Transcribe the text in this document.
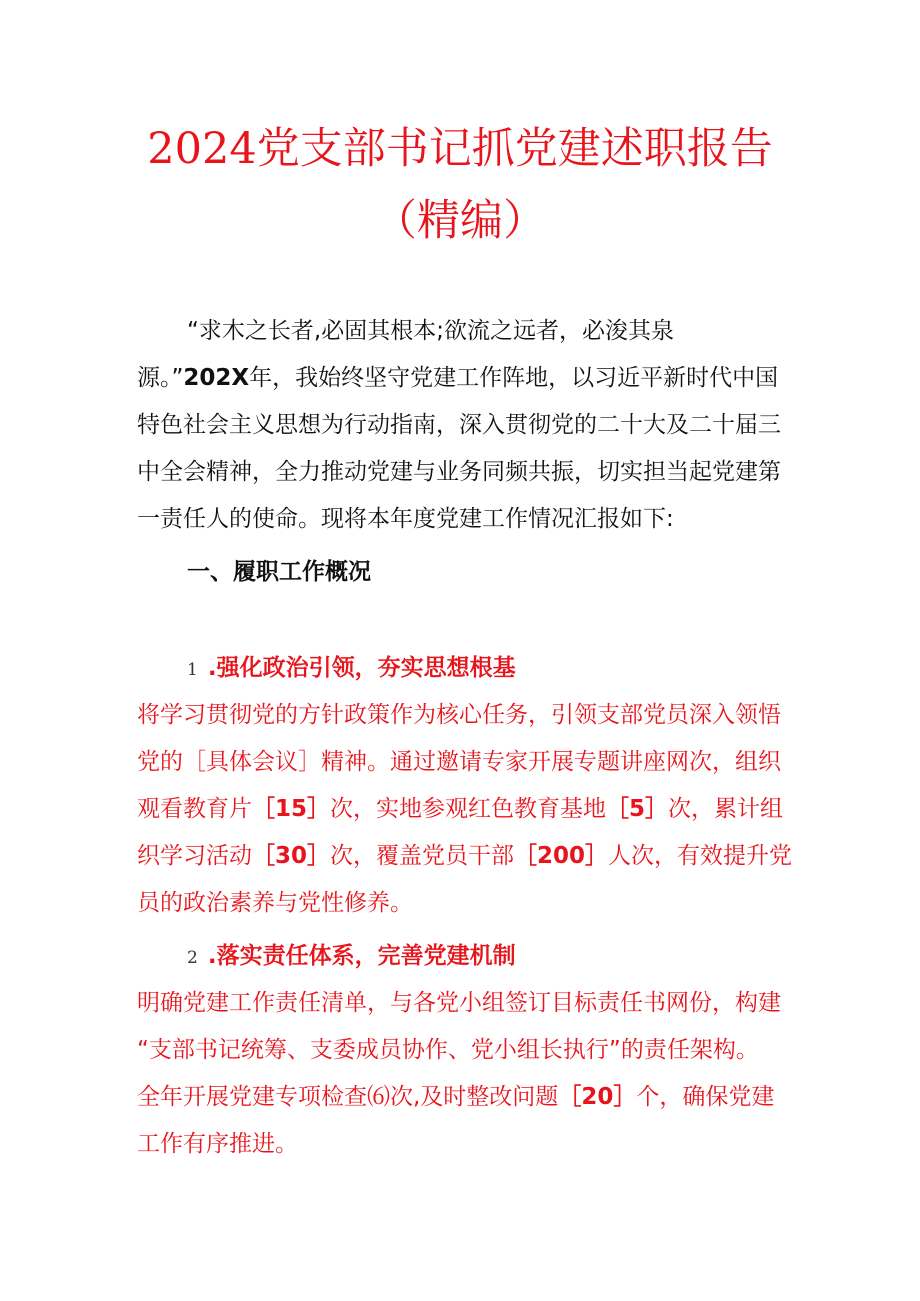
2024党支部书记抓党建述职报告
（精编）
“求木之长者,必固其根本;欲流之远者，必浚其泉
源。”202X年，我始终坚守党建工作阵地，以习近平新时代中国
特色社会主义思想为行动指南，深入贯彻党的二十大及二十届三
中全会精神，全力推动党建与业务同频共振，切实担当起党建第
一责任人的使命。现将本年度党建工作情况汇报如下:
一、履职工作概况
1 .强化政治引领，夯实思想根基
将学习贯彻党的方针政策作为核心任务，引领支部党员深入领悟
党的［具体会议］精神。通过邀请专家开展专题讲座网次，组织
观看教育片［15］次，实地参观红色教育基地［5］次，累计组
织学习活动［30］次，覆盖党员干部［200］人次，有效提升党
员的政治素养与党性修养。
2 .落实责任体系，完善党建机制
明确党建工作责任清单，与各党小组签订目标责任书网份，构建
“支部书记统筹、支委成员协作、党小组长执行”的责任架构。
全年开展党建专项检查⑹次,及时整改问题［20］个，确保党建
工作有序推进。
